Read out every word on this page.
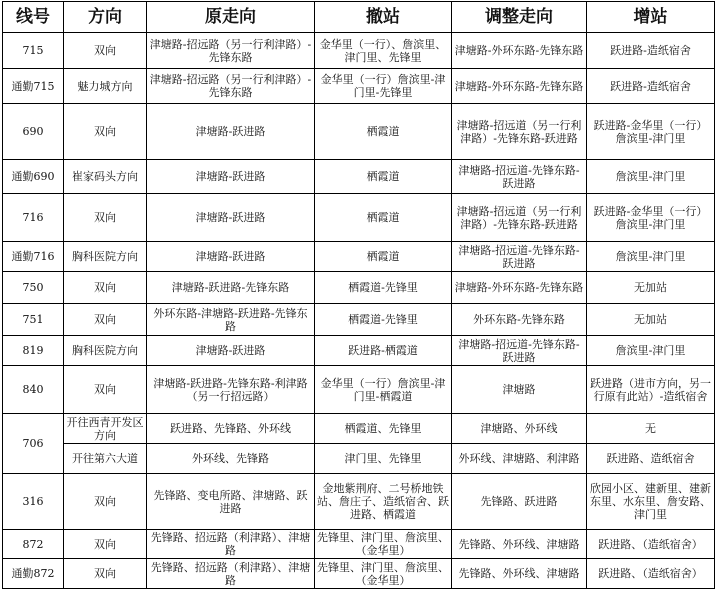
线号	方向	原走向	撤站	调整走向	增站
715	双向	津塘路-招远路（另一行利津路）-先锋东路	金华里（一行）、詹滨里、津门里、先锋里	津塘路-外环东路-先锋东路	跃进路-造纸宿舍
通勤715	魅力城方向	津塘路-招远路（另一行利津路）-先锋东路	金华里（一行）詹滨里-津门里-先锋里	津塘路-外环东路-先锋东路	跃进路-造纸宿舍
690	双向	津塘路-跃进路	栖霞道	津塘路-招远道（另一行利津路）-先锋东路-跃进路	跃进路-金华里（一行）詹滨里-津门里
通勤690	崔家码头方向	津塘路-跃进路	栖霞道	津塘路-招远道-先锋东路-跃进路	詹滨里-津门里
716	双向	津塘路-跃进路	栖霞道	津塘路-招远道（另一行利津路）-先锋东路-跃进路	跃进路-金华里（一行）詹滨里-津门里
通勤716	胸科医院方向	津塘路-跃进路	栖霞道	津塘路-招远道-先锋东路-跃进路	詹滨里-津门里
750	双向	津塘路-跃进路-先锋东路	栖霞道-先锋里	津塘路-外环东路-先锋东路	无加站
751	双向	外环东路-津塘路-跃进路-先锋东路	栖霞道-先锋里	外环东路-先锋东路	无加站
819	胸科医院方向	津塘路-跃进路	跃进路-栖霞道	津塘路-招远道-先锋东路-跃进路	詹滨里-津门里
840	双向	津塘路-跃进路-先锋东路-利津路（另一行招远路）	金华里（一行）詹滨里-津门里-栖霞道	津塘路	跃进路（进市方向，另一行原有此站）-造纸宿舍
706	开往西青开发区方向	跃进路、先锋路、外环线	栖霞道、先锋里	津塘路、外环线	无
	开往第六大道	外环线、先锋路	津门里、先锋里	外环线、津塘路、利津路	跃进路、造纸宿舍
316	双向	先锋路、变电所路、津塘路、跃进路	金地紫荆府、二号桥地铁站、詹庄子、造纸宿舍、跃进路、栖霞道	先锋路、跃进路	欣园小区、建新里、建新东里、水东里、詹安路、津门里
872	双向	先锋路、招远路（利津路）、津塘路	先锋里、津门里、詹滨里、（金华里）	先锋路、外环线、津塘路	跃进路、（造纸宿舍）
通勤872	双向	先锋路、招远路（利津路）、津塘路	先锋里、津门里、詹滨里、（金华里）	先锋路、外环线、津塘路	跃进路、（造纸宿舍）
